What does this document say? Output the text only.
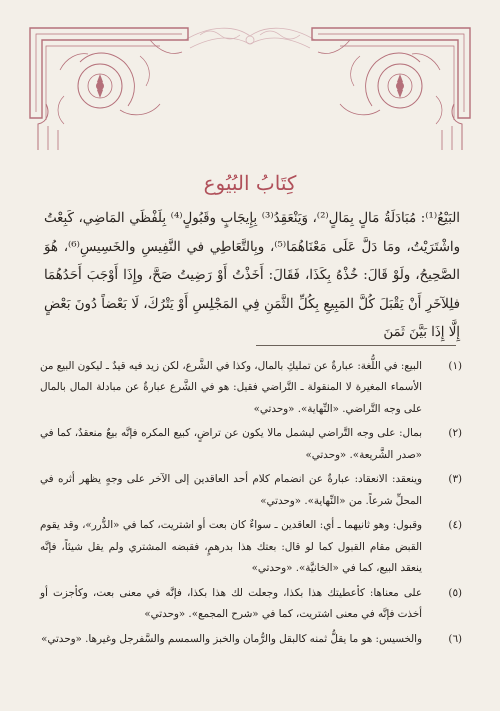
كِتَابُ البُيُوع

البَيْعُ⁽¹⁾: مُبَادَلَةُ مَالٍ بِمَالٍ⁽²⁾، وَيَنْعَقِدُ⁽³⁾ بِإِيجَابٍ وقَبُولٍ⁽⁴⁾ بِلَفْظَي المَاضِي، كَبِعْتُ واشْتَرَيْتُ، ومَا دَلَّ عَلَى مَعْنَاهُمَا⁽⁵⁾، وبِالتَّعَاطِي في النَّفِيسِ والخَسِيسِ⁽⁶⁾، هُوَ الصَّحِيحُ، ولَوْ قَالَ: خُذْهُ بِكَذَا، فَقَالَ: أَخَذْتُ أَوْ رَضِيتُ صَحَّ، وإِذَا أَوْجَبَ أَحَدُهُمَا فلِلآخَرِ أَنْ يَقْبَلَ كُلَّ المَبِيعِ بِكُلِّ الثَّمَنِ فِي المَجْلِسِ أَوْ يَتْرُكَ، لَا بَعْضاً دُونَ بَعْضٍ إِلَّا إِذَا بَيَّنَ ثَمَنَ

(١)
البيع: في اللُّغة: عبارةٌ عن تمليكِ بالمال، وكذا في الشَّرع، لكن زيد فيه قيدٌ ـ ليكون البيع من الأسماء المغيرة لا المنقولة ـ التَّراضي فقيل: هو في الشَّرع عبارةٌ عن مبادلة المال بالمال على وجه التَّراضي. «النِّهاية». «وحدتي»
(٢)
بمال: على وجه التَّراضي ليشمل مالا يكون عن تراضٍ، كبيع المكره فإنَّه بيعٌ منعقدٌ، كما في «صدر الشَّريعة». «وحدتي»
(٣)
وينعقد: الانعقاد: عبارةٌ عن انضمام كلام أحد العاقدين إلى الآخر على وجهٍ يظهر أثره في المحلِّ شرعاً. من «النِّهاية». «وحدتي»
(٤)
وقبول: وهو ثانيهما ـ أي: العاقدين ـ سواءٌ كان بعت أو اشتريت، كما في «الدُّرر»، وقد يقوم القبض مقام القبول كما لو قال: بعتك هذا بدرهمٍ، فقبضه المشتري ولم يقل شيئاً، فإنَّه ينعقد البيع، كما في «الخانيَّة». «وحدتي»
(٥)
على معناها: كأعطيتك هذا بكذا، وجعلت لك هذا بكذا، فإنَّه في معنى بعت، وكأجزت أو أخذت فإنَّه في معنى اشتريت، كما في «شرح المجمع». «وحدتي»
(٦)
والخسيس: هو ما يقلُّ ثمنه كالبقل والرُّمان والخبز والسمسم والسَّفرجل وغيرها. «وحدتي»
